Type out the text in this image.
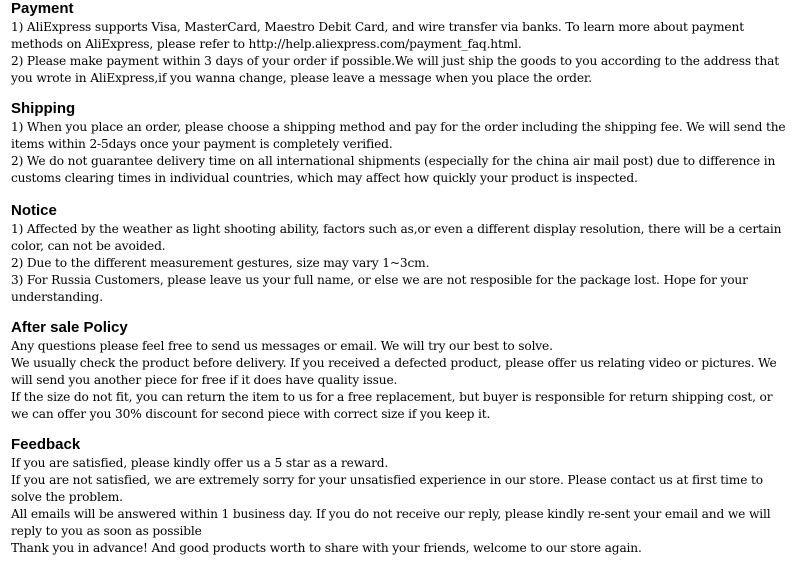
Payment

1) AliExpress supports Visa, MasterCard, Maestro Debit Card, and wire transfer via banks. To learn more about payment methods on AliExpress, please refer to http://help.aliexpress.com/payment_faq.html.

2) Please make payment within 3 days of your order if possible.We will just ship the goods to you according to the address that you wrote in AliExpress,if you wanna change, please leave a message when you place the order.

Shipping

1) When you place an order, please choose a shipping method and pay for the order including the shipping fee. We will send the items within 2-5days once your payment is completely verified.

2) We do not guarantee delivery time on all international shipments (especially for the china air mail post) due to difference in customs clearing times in individual countries, which may affect how quickly your product is inspected.

Notice

1) Affected by the weather as light shooting ability, factors such as,or even a different display resolution, there will be a certain color, can not be avoided.

2) Due to the different measurement gestures, size may vary 1~3cm.

3) For Russia Customers, please leave us your full name, or else we are not resposible for the package lost. Hope for your understanding.

After sale Policy

Any questions please feel free to send us messages or email. We will try our best to solve.

We usually check the product before delivery. If you received a defected product, please offer us relating video or pictures. We will send you another piece for free if it does have quality issue.

If the size do not fit, you can return the item to us for a free replacement, but buyer is responsible for return shipping cost, or we can offer you 30% discount for second piece with correct size if you keep it.

Feedback

If you are satisfied, please kindly offer us a 5 star as a reward.

If you are not satisfied, we are extremely sorry for your unsatisfied experience in our store. Please contact us at first time to solve the problem.

All emails will be answered within 1 business day. If you do not receive our reply, please kindly re-sent your email and we will reply to you as soon as possible

Thank you in advance! And good products worth to share with your friends, welcome to our store again.
